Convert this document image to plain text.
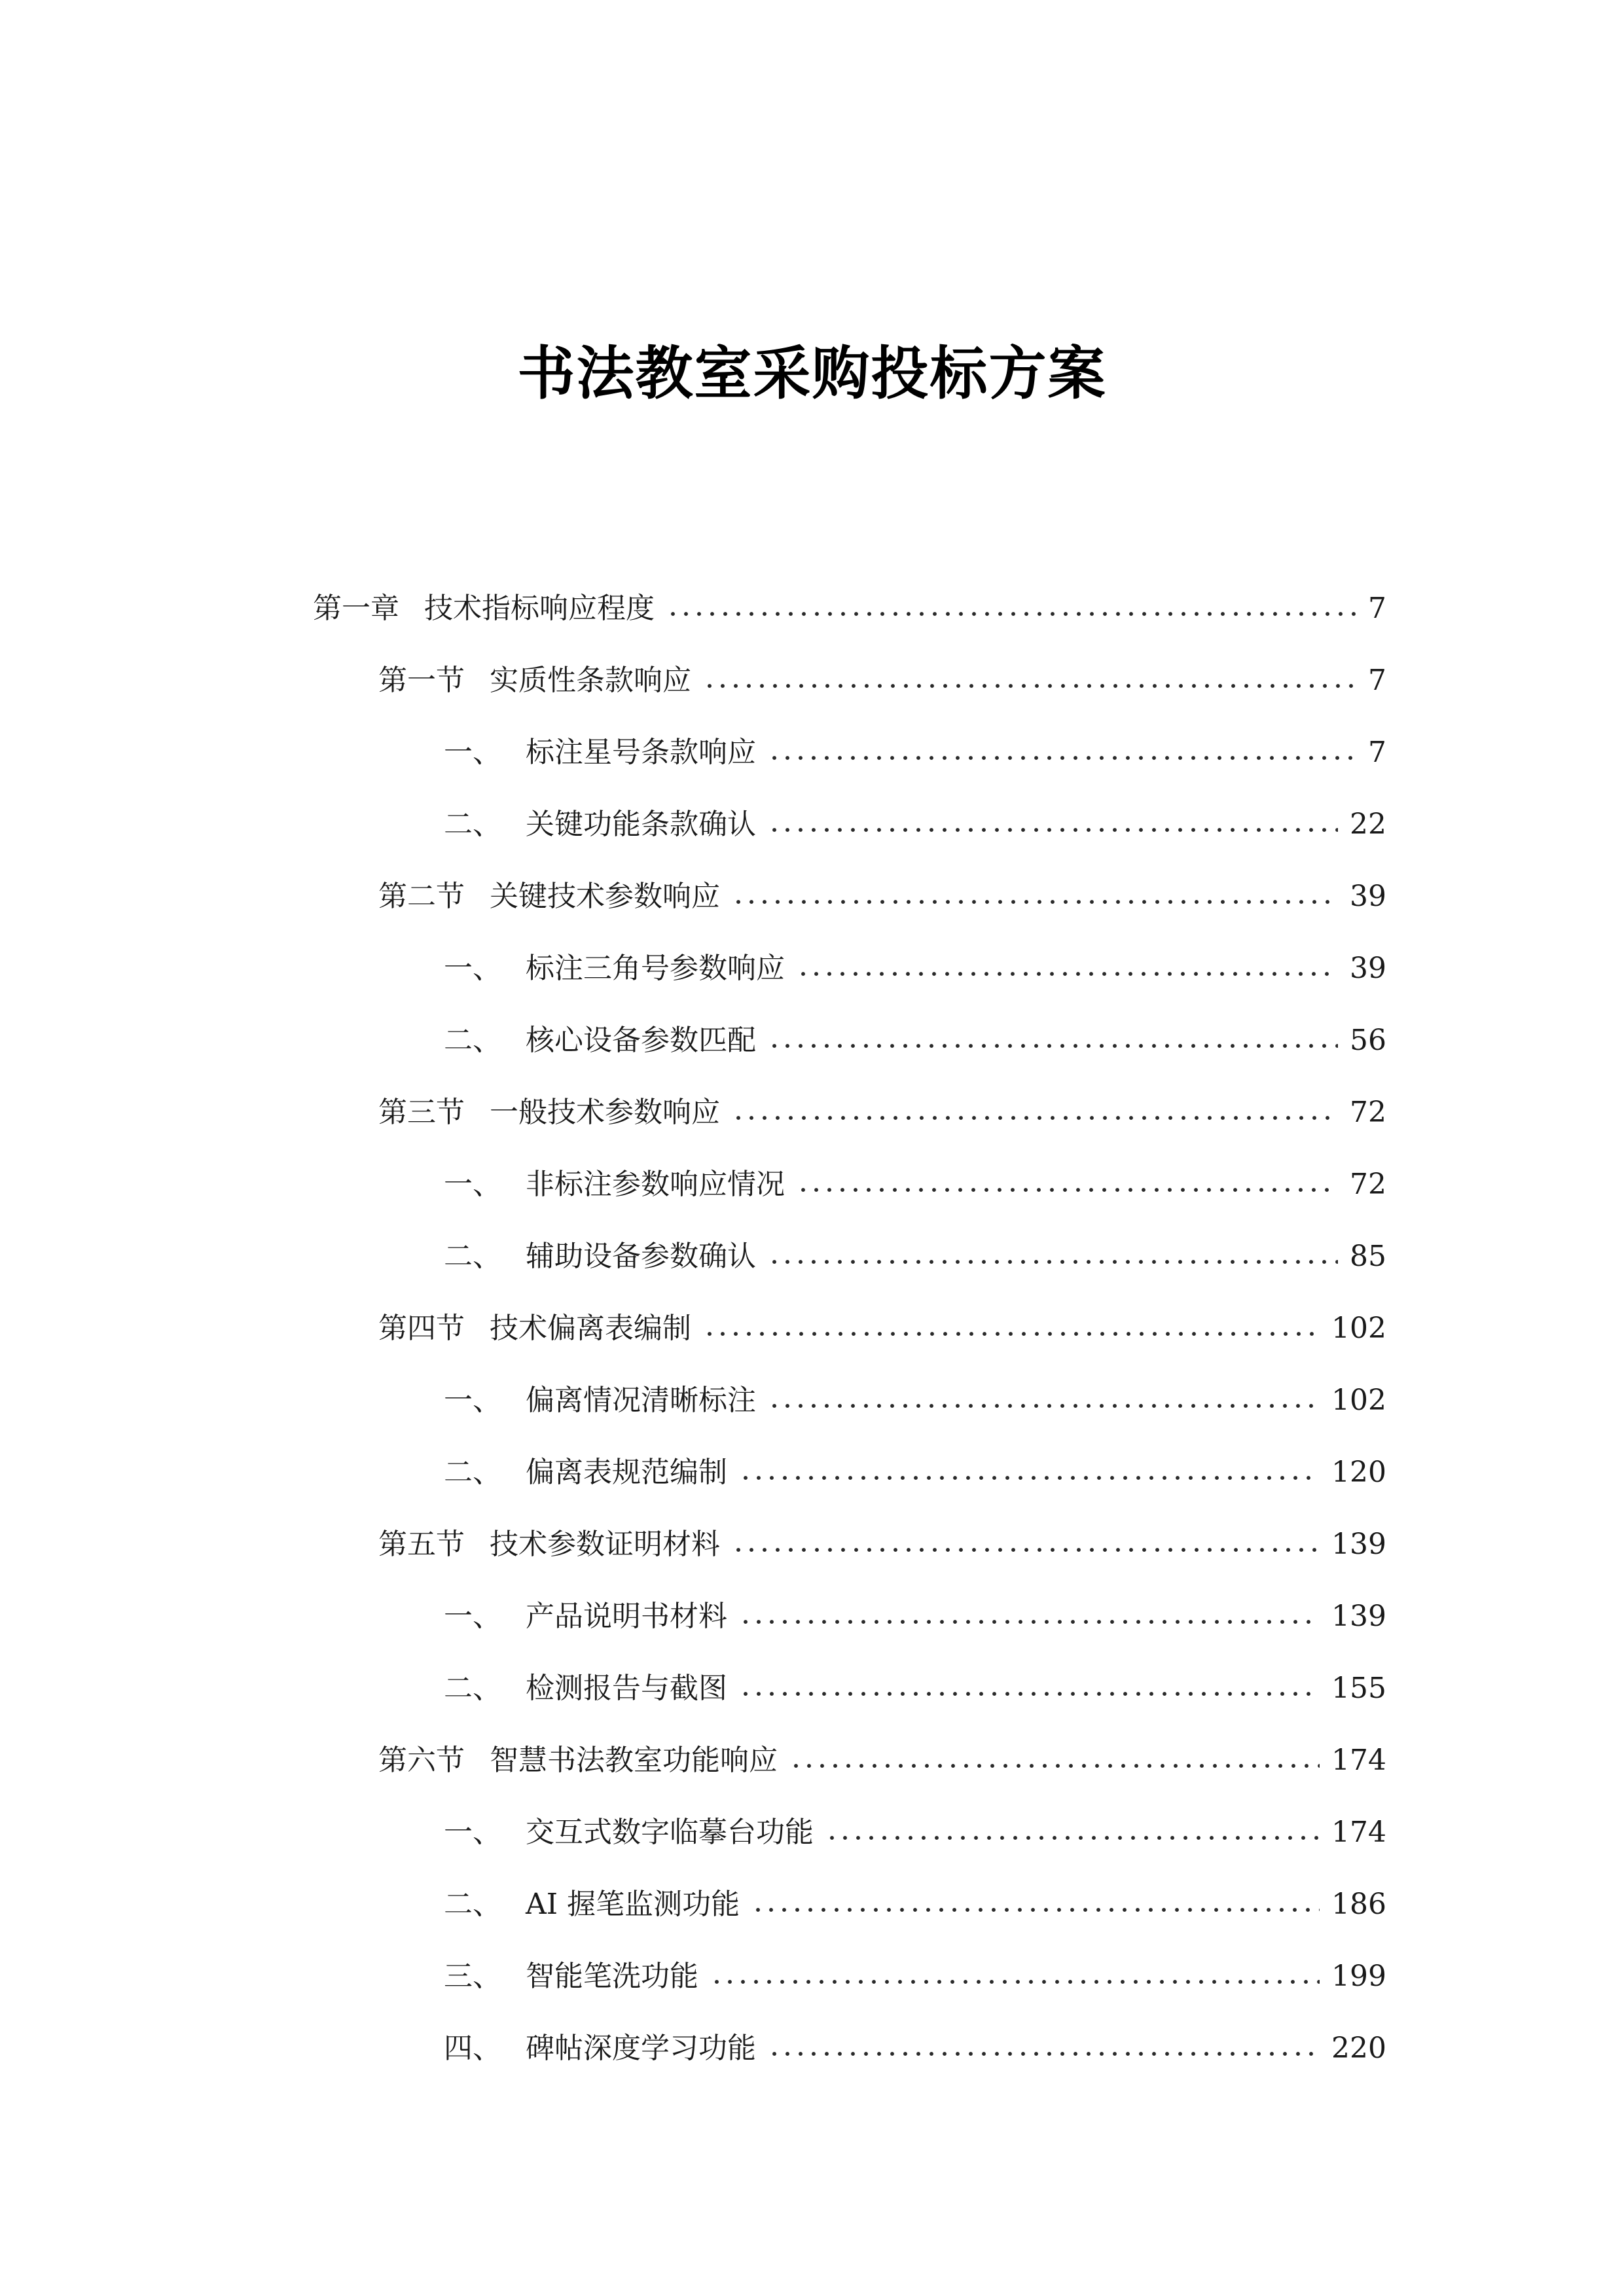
书法教室采购投标方案
第一章 技术指标响应程度	7
第一节 实质性条款响应	7
一、 标注星号条款响应	7
二、 关键功能条款确认	22
第二节 关键技术参数响应	39
一、 标注三角号参数响应	39
二、 核心设备参数匹配	56
第三节 一般技术参数响应	72
一、 非标注参数响应情况	72
二、 辅助设备参数确认	85
第四节 技术偏离表编制	102
一、 偏离情况清晰标注	102
二、 偏离表规范编制	120
第五节 技术参数证明材料	139
一、 产品说明书材料	139
二、 检测报告与截图	155
第六节 智慧书法教室功能响应	174
一、 交互式数字临摹台功能	174
二、 AI 握笔监测功能	186
三、 智能笔洗功能	199
四、 碑帖深度学习功能	220
